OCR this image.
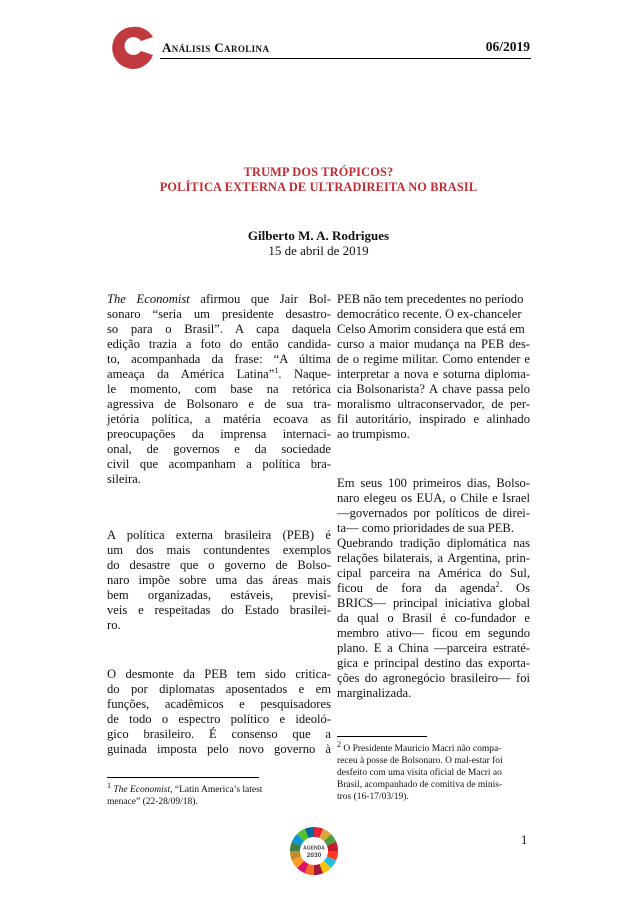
Análisis Carolina	06/2019
TRUMP DOS TRÓPICOS?
POLÍTICA EXTERNA DE ULTRADIREITA NO BRASIL
Gilberto M. A. Rodrigues
15 de abril de 2019
The Economist afirmou que Jair Bol-
sonaro “seria um presidente desastro-
so para o Brasil”. A capa daquela
edição trazia a foto do então candida-
to, acompanhada da frase: “A última
ameaça da América Latina”$^1$. Naque-
le momento, com base na retórica
agressiva de Bolsonaro e de sua tra-
jetória política, a matéria ecoava as
preocupações da imprensa internaci-
onal, de governos e da sociedade
civil que acompanham a política bra-
sileira.
A política externa brasileira (PEB) é
um dos mais contundentes exemplos
do desastre que o governo de Bolso-
naro impõe sobre uma das áreas mais
bem organizadas, estáveis, previsí-
veis e respeitadas do Estado brasilei-
ro.
O desmonte da PEB tem sido critica-
do por diplomatas aposentados e em
funções, acadêmicos e pesquisadores
de todo o espectro político e ideoló-
gico brasileiro. É consenso que a
guinada imposta pelo novo governo à
$^1$ The Economist, “Latin America’s latest
menace” (22-28/09/18).
PEB não tem precedentes no período
democrático recente. O ex-chanceler
Celso Amorim considera que está em
curso a maior mudança na PEB des-
de o regime militar. Como entender e
interpretar a nova e soturna diploma-
cia Bolsonarista? A chave passa pelo
moralismo ultraconservador, de per-
fil autoritário, inspirado e alinhado
ao trumpismo.
Em seus 100 primeiros dias, Bolso-
naro elegeu os EUA, o Chile e Israel
—governados por políticos de direi-
ta— como prioridades de sua PEB.
Quebrando tradição diplomática nas
relações bilaterais, a Argentina, prin-
cipal parceira na América do Sul,
ficou de fora da agenda$^2$. Os
BRICS— principal iniciativa global
da qual o Brasil é co-fundador e
membro ativo— ficou em segundo
plano. E a China —parceira estraté-
gica e principal destino das exporta-
ções do agronegócio brasileiro— foi
marginalizada.
$^2$ O Presidente Mauricio Macri não compa-
receu à posse de Bolsonaro. O mal-estar foi
desfeito com uma visita oficial de Macri ao
Brasil, acompanhado de comitiva de minis-
tros (16-17/03/19).
AGENDA
2030
1
